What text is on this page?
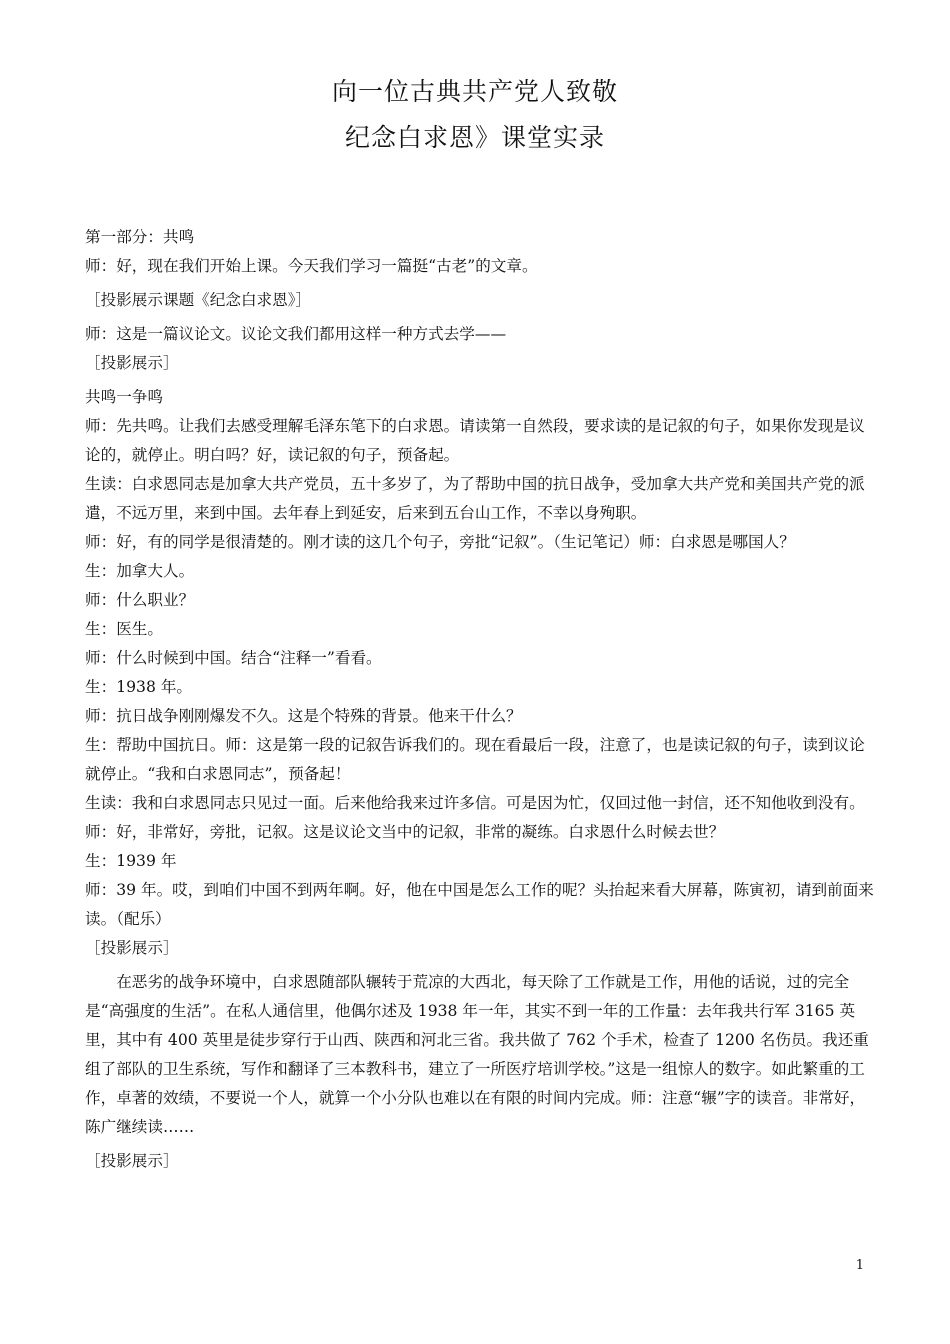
向一位古典共产党人致敬
纪念白求恩》课堂实录

第一部分：共鸣

师：好，现在我们开始上课。今天我们学习一篇挺“古老”的文章。

［投影展示课题《纪念白求恩》］

师：这是一篇议论文。议论文我们都用这样一种方式去学——

［投影展示］

共鸣一争鸣

师：先共鸣。让我们去感受理解毛泽东笔下的白求恩。请读第一自然段，要求读的是记叙的句子，如果你发现是议论的，就停止。明白吗？好，读记叙的句子，预备起。

生读：白求恩同志是加拿大共产党员，五十多岁了，为了帮助中国的抗日战争，受加拿大共产党和美国共产党的派遣，不远万里，来到中国。去年春上到延安，后来到五台山工作，不幸以身殉职。

师：好，有的同学是很清楚的。刚才读的这几个句子，旁批“记叙”。（生记笔记）师：白求恩是哪国人？

生：加拿大人。

师：什么职业？

生：医生。

师：什么时候到中国。结合“注释一”看看。

生：1938 年。

师：抗日战争刚刚爆发不久。这是个特殊的背景。他来干什么？

生：帮助中国抗日。师：这是第一段的记叙告诉我们的。现在看最后一段，注意了，也是读记叙的句子，读到议论就停止。“我和白求恩同志”，预备起！

生读：我和白求恩同志只见过一面。后来他给我来过许多信。可是因为忙，仅回过他一封信，还不知他收到没有。

师：好，非常好，旁批，记叙。这是议论文当中的记叙，非常的凝练。白求恩什么时候去世？

生：1939 年

师：39 年。哎，到咱们中国不到两年啊。好，他在中国是怎么工作的呢？头抬起来看大屏幕，陈寅初，请到前面来读。（配乐）

［投影展示］

在恶劣的战争环境中，白求恩随部队辗转于荒凉的大西北，每天除了工作就是工作，用他的话说，过的完全是“高强度的生活”。在私人通信里，他偶尔述及 1938 年一年，其实不到一年的工作量：去年我共行军 3165 英里，其中有 400 英里是徒步穿行于山西、陕西和河北三省。我共做了 762 个手术，检查了 1200 名伤员。我还重组了部队的卫生系统，写作和翻译了三本教科书，建立了一所医疗培训学校。”这是一组惊人的数字。如此繁重的工作，卓著的效绩，不要说一个人，就算一个小分队也难以在有限的时间内完成。师：注意“辗”字的读音。非常好，陈广继续读……

［投影展示］

1
